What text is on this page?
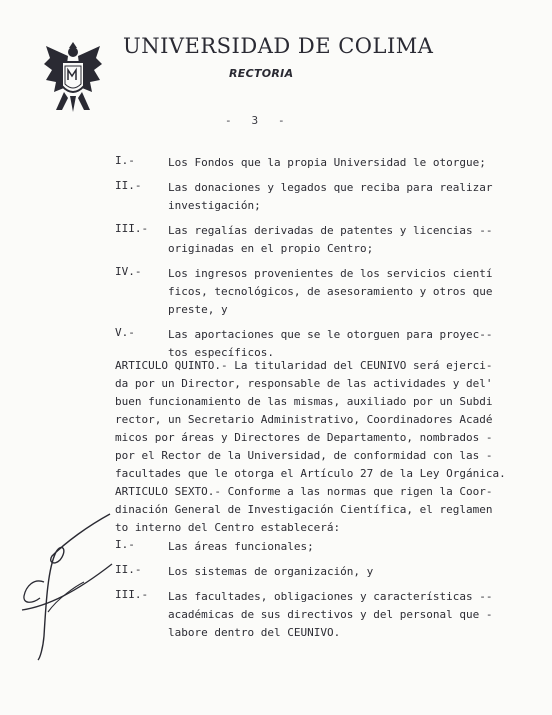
UNIVERSIDAD DE COLIMA
RECTORIA
-   3   -
I.-	Los Fondos que la propia Universidad le otorgue;
II.- Las donaciones y legados que reciba para realizar
investigación;
III.- Las regalías derivadas de patentes y licencias --
originadas en el propio Centro;
IV.- Los ingresos provenientes de los servicios cientí
ficos, tecnológicos, de asesoramiento y otros que
preste, y
V.-	Las aportaciones que se le otorguen para proyec--
tos específicos.
ARTICULO QUINTO.- La titularidad del CEUNIVO será ejerci-
da por un Director, responsable de las actividades y del'
buen funcionamiento de las mismas, auxiliado por un Subdi
rector, un Secretario Administrativo, Coordinadores Acadé
micos por áreas y Directores de Departamento, nombrados -
por el Rector de la Universidad, de conformidad con las -
facultades que le otorga el Artículo 27 de la Ley Orgánica.
ARTICULO SEXTO.- Conforme a las normas que rigen la Coor-
dinación General de Investigación Científica, el reglamen
to interno del Centro establecerá:
I.-	Las áreas funcionales;
II.- Los sistemas de organización, y
III.- Las facultades, obligaciones y características --
académicas de sus directivos y del personal que -
labore dentro del CEUNIVO.
